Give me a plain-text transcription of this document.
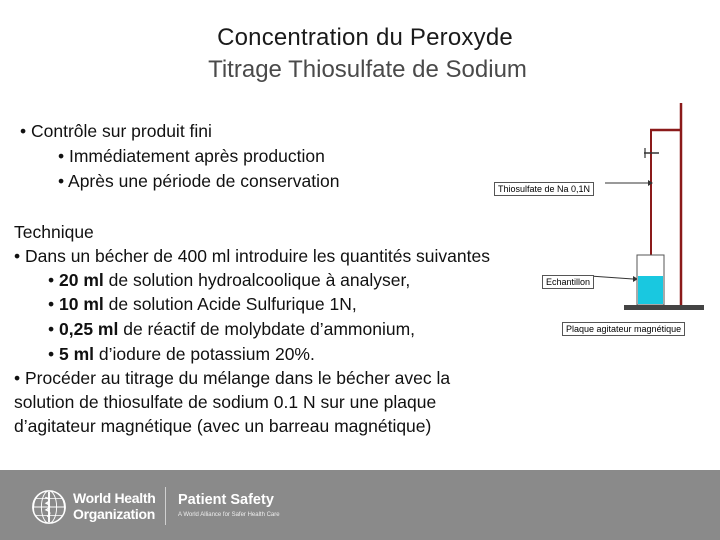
Concentration du Peroxyde
Titrage Thiosulfate de Sodium
• Contrôle sur produit fini
• Immédiatement après production
• Après une période de conservation
Technique
• Dans un bécher de 400 ml introduire les quantités suivantes
• 20 ml de solution hydroalcoolique à analyser,
• 10 ml de solution Acide Sulfurique 1N,
• 0,25 ml de réactif de molybdate d’ammonium,
• 5 ml d’iodure de potassium 20%.
• Procéder au titrage du mélange dans le bécher avec la
solution de thiosulfate de sodium 0.1 N sur une plaque
d’agitateur magnétique (avec un barreau magnétique)
Thiosulfate de Na 0,1N
Echantillon
Plaque agitateur magnétique
World Health
Organization
Patient Safety
A World Alliance for Safer Health Care
